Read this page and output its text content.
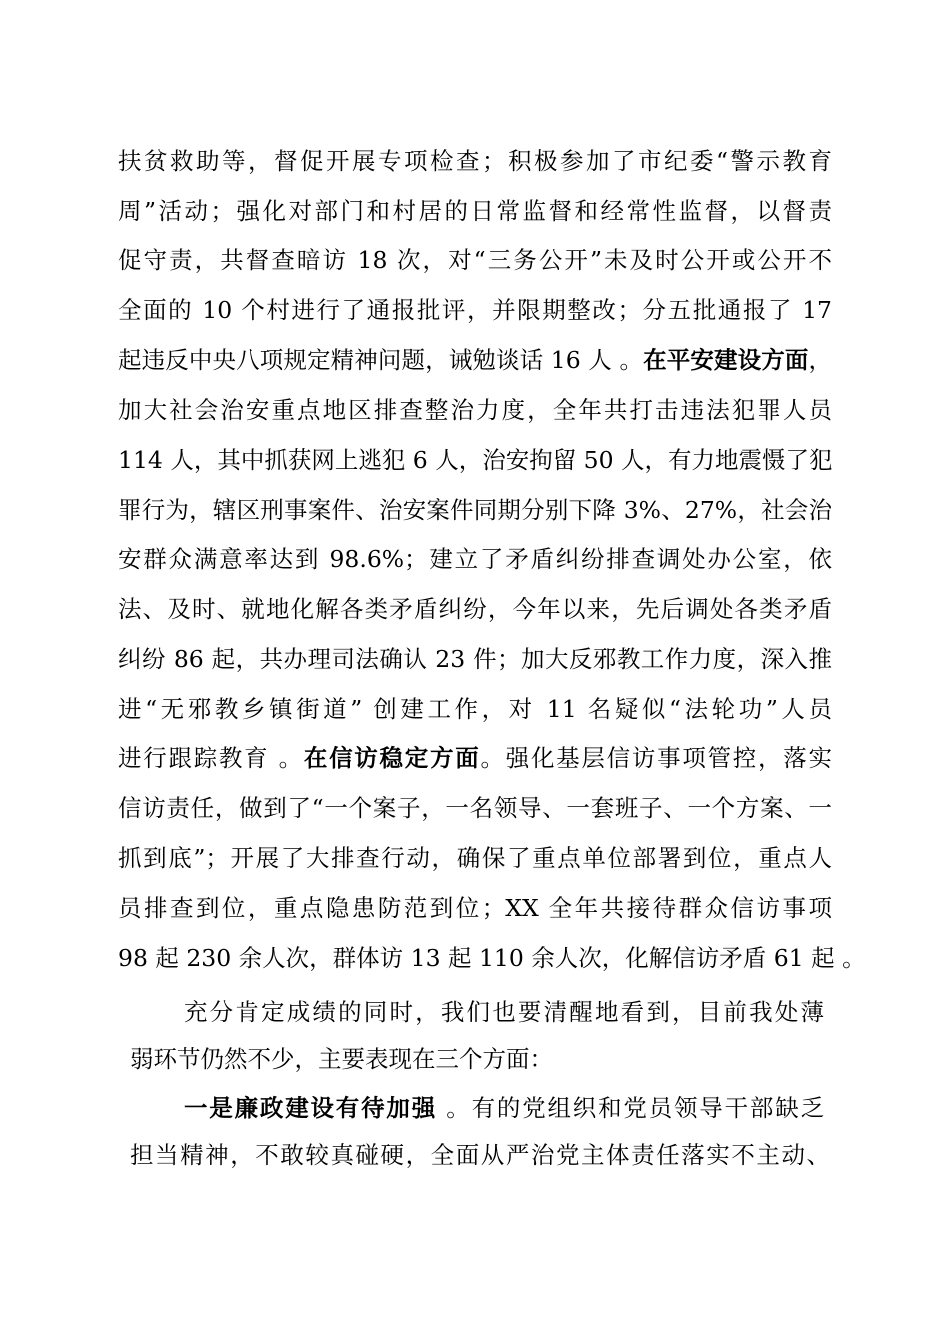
扶贫救助等，督促开展专项检查；积极参加了市纪委“警示教育
周”活动；强化对部门和村居的日常监督和经常性监督，以督责
促守责，共督查暗访 18 次，对“三务公开”未及时公开或公开不
全面的 10 个村进行了通报批评，并限期整改；分五批通报了 17
起违反中央八项规定精神问题，诫勉谈话 16 人 。在平安建设方面，
加大社会治安重点地区排查整治力度，全年共打击违法犯罪人员
114 人，其中抓获网上逃犯 6 人，治安拘留 50 人，有力地震慑了犯
罪行为，辖区刑事案件、治安案件同期分别下降 3%、27%，社会治
安群众满意率达到 98.6%；建立了矛盾纠纷排查调处办公室，依
法、及时、就地化解各类矛盾纠纷，今年以来，先后调处各类矛盾
纠纷 86 起，共办理司法确认 23 件；加大反邪教工作力度，深入推
进“无邪教乡镇街道” 创建工作，对 11 名疑似“法轮功”人员
进行跟踪教育 。在信访稳定方面。强化基层信访事项管控，落实
信访责任，做到了“一个案子，一名领导、一套班子、一个方案、一
抓到底”；开展了大排查行动，确保了重点单位部署到位，重点人
员排查到位，重点隐患防范到位；XX 全年共接待群众信访事项
98 起 230 余人次，群体访 13 起 110 余人次，化解信访矛盾 61 起 。
充分肯定成绩的同时，我们也要清醒地看到，目前我处薄
弱环节仍然不少，主要表现在三个方面：
一是廉政建设有待加强 。有的党组织和党员领导干部缺乏
担当精神，不敢较真碰硬，全面从严治党主体责任落实不主动、
